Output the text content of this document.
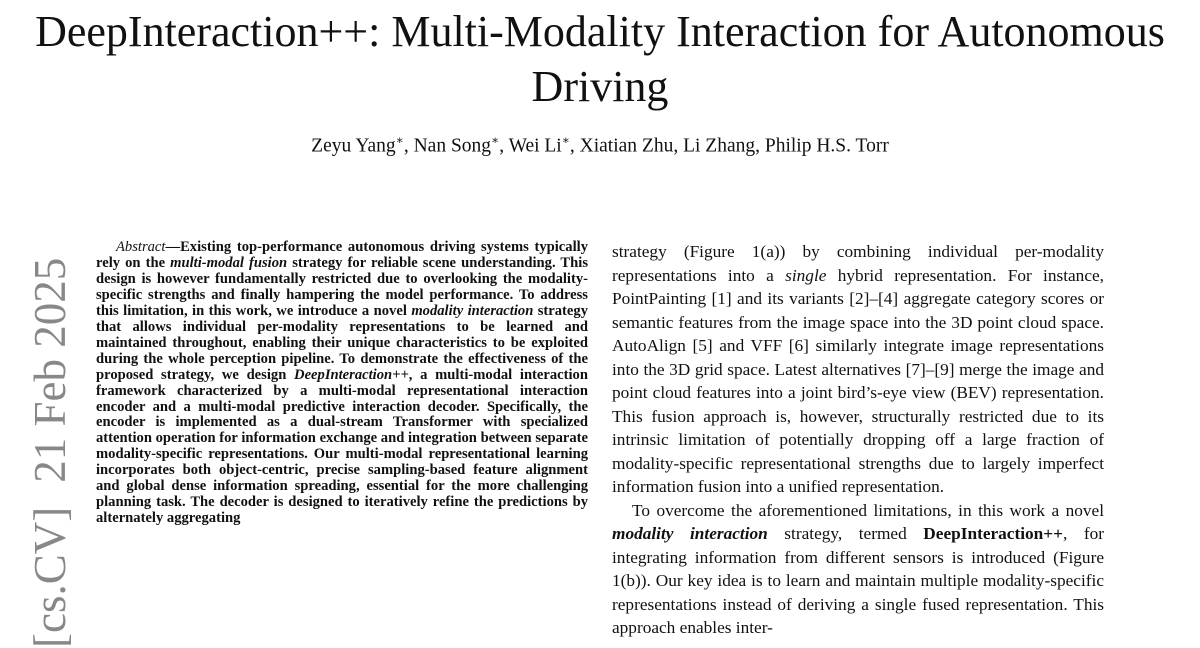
DeepInteraction++: Multi-Modality Interaction for Autonomous Driving
Zeyu Yang∗, Nan Song∗, Wei Li∗, Xiatian Zhu, Li Zhang, Philip H.S. Torr
[cs.CV]21 Feb 2025

Abstract—Existing top-performance autonomous driving systems typically rely on the multi-modal fusion strategy for reliable scene understanding. This design is however fundamentally restricted due to overlooking the modality-specific strengths and finally hampering the model performance. To address this limitation, in this work, we introduce a novel modality interaction strategy that allows individual per-modality representations to be learned and maintained throughout, enabling their unique characteristics to be exploited during the whole perception pipeline. To demonstrate the effectiveness of the proposed strategy, we design DeepInteraction++, a multi-modal interaction framework characterized by a multi-modal representational interaction encoder and a multi-modal predictive interaction decoder. Specifically, the encoder is implemented as a dual-stream Transformer with specialized attention operation for information exchange and integration between separate modality-specific representations. Our multi-modal representational learning incorporates both object-centric, precise sampling-based feature alignment and global dense information spreading, essential for the more challenging planning task. The decoder is designed to iteratively refine the predictions by alternately aggregating

strategy (Figure 1(a)) by combining individual per-modality representations into a single hybrid representation. For instance, PointPainting [1] and its variants [2]–[4] aggregate category scores or semantic features from the image space into the 3D point cloud space. AutoAlign [5] and VFF [6] similarly integrate image representations into the 3D grid space. Latest alternatives [7]–[9] merge the image and point cloud features into a joint bird’s-eye view (BEV) representation. This fusion approach is, however, structurally restricted due to its intrinsic limitation of potentially dropping off a large fraction of modality-specific representational strengths due to largely imperfect information fusion into a unified representation.

To overcome the aforementioned limitations, in this work a novel modality interaction strategy, termed DeepInteraction++, for integrating information from different sensors is introduced (Figure 1(b)). Our key idea is to learn and maintain multiple modality-specific representations instead of deriving a single fused representation. This approach enables inter-
